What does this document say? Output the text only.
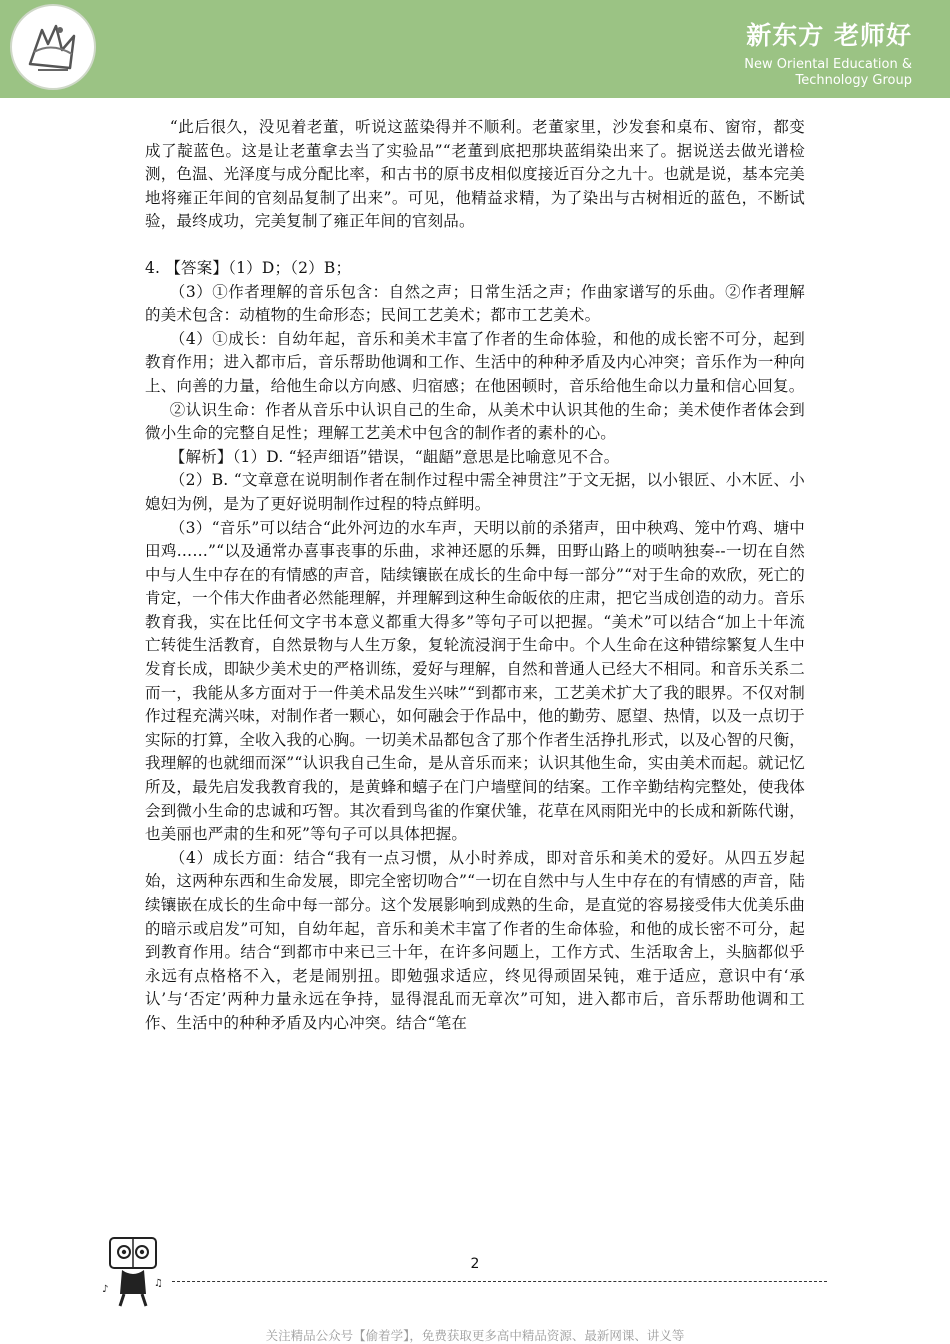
新东方 老师好
New Oriental Education &
Technology Group

“此后很久，没见着老董，听说这蓝染得并不顺利。老董家里，沙发套和桌布、窗帘，都变成了靛蓝色。这是让老董拿去当了实验品”“老董到底把那块蓝绢染出来了。据说送去做光谱检测，色温、光泽度与成分配比率，和古书的原书皮相似度接近百分之九十。也就是说，基本完美地将雍正年间的官刻品复制了出来”。可见，他精益求精，为了染出与古树相近的蓝色，不断试验，最终成功，完美复制了雍正年间的官刻品。

4. 【答案】（1）D；（2）B；

（3）①作者理解的音乐包含：自然之声；日常生活之声；作曲家谱写的乐曲。②作者理解的美术包含：动植物的生命形态；民间工艺美术；都市工艺美术。

（4）①成长：自幼年起，音乐和美术丰富了作者的生命体验，和他的成长密不可分，起到教育作用；进入都市后，音乐帮助他调和工作、生活中的种种矛盾及内心冲突；音乐作为一种向上、向善的力量，给他生命以方向感、归宿感；在他困顿时，音乐给他生命以力量和信心回复。

②认识生命：作者从音乐中认识自己的生命，从美术中认识其他的生命；美术使作者体会到微小生命的完整自足性；理解工艺美术中包含的制作者的素朴的心。

【解析】（1）D. “轻声细语”错误，“龃龉”意思是比喻意见不合。

（2）B. “文章意在说明制作者在制作过程中需全神贯注”于文无据，以小银匠、小木匠、小媳妇为例，是为了更好说明制作过程的特点鲜明。

（3）“音乐”可以结合“此外河边的水车声，天明以前的杀猪声，田中秧鸡、笼中竹鸡、塘中田鸡……”“以及通常办喜事丧事的乐曲，求神还愿的乐舞，田野山路上的唢呐独奏--一切在自然中与人生中存在的有情感的声音，陆续镶嵌在成长的生命中每一部分”“对于生命的欢欣，死亡的肯定，一个伟大作曲者必然能理解，并理解到这种生命皈依的庄肃，把它当成创造的动力。音乐教育我，实在比任何文字书本意义都重大得多”等句子可以把握。“美术”可以结合“加上十年流亡转徙生活教育，自然景物与人生万象，复轮流浸润于生命中。个人生命在这种错综繁复人生中发育长成，即缺少美术史的严格训练，爱好与理解，自然和普通人已经大不相同。和音乐关系二而一，我能从多方面对于一件美术品发生兴味”“到都市来，工艺美术扩大了我的眼界。不仅对制作过程充满兴味，对制作者一颗心，如何融会于作品中，他的勤劳、愿望、热情，以及一点切于实际的打算，全收入我的心胸。一切美术品都包含了那个作者生活挣扎形式，以及心智的尺衡，我理解的也就细而深”“认识我自己生命，是从音乐而来；认识其他生命，实由美术而起。就记忆所及，最先启发我教育我的，是黄蜂和蟢子在门户墙壁间的结案。工作辛勤结构完整处，使我体会到微小生命的忠诚和巧智。其次看到鸟雀的作窠伏雏，花草在风雨阳光中的长成和新陈代谢，也美丽也严肃的生和死”等句子可以具体把握。

（4）成长方面：结合“我有一点习惯，从小时养成，即对音乐和美术的爱好。从四五岁起始，这两种东西和生命发展，即完全密切吻合”“一切在自然中与人生中存在的有情感的声音，陆续镶嵌在成长的生命中每一部分。这个发展影响到成熟的生命，是直觉的容易接受伟大优美乐曲的暗示或启发”可知，自幼年起，音乐和美术丰富了作者的生命体验，和他的成长密不可分，起到教育作用。结合“到都市中来已三十年，在许多问题上，工作方式、生活取舍上，头脑都似乎永远有点格格不入，老是闹别扭。即勉强求适应，终见得顽固呆钝，难于适应，意识中有‘承认’与‘否定’两种力量永远在争持，显得混乱而无章次”可知，进入都市后，音乐帮助他调和工作、生活中的种种矛盾及内心冲突。结合“笔在

♪
♫
2
关注精品公众号【偷着学】，免费获取更多高中精品资源、最新网课、讲义等
